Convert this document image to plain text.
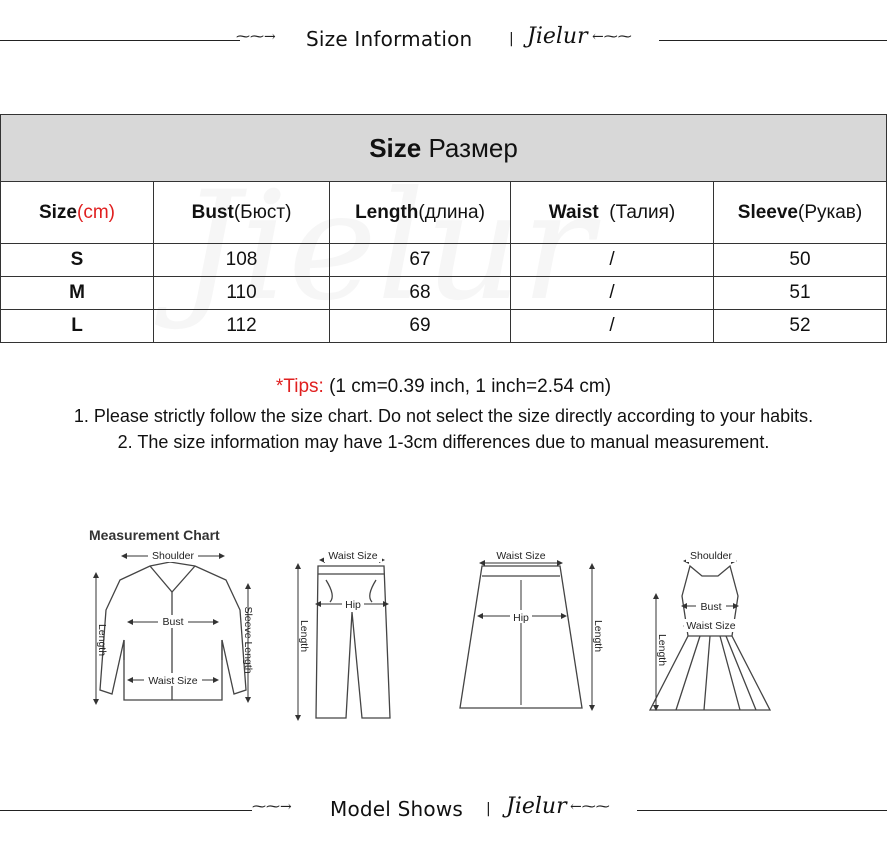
⁓⁓→ Size Information	| Jielur ←⁓⁓
Size Размер				
Size(cm)	Bust(Бюст)	Length(длина)	Waist  (Талия)	Sleeve(Рукав)
S	108	67	/	50
M	110	68	/	51
L	112	69	/	52
*Tips: (1 cm=0.39 inch, 1 inch=2.54 cm)
1. Please strictly follow the size chart. Do not select the size directly according to your habits.
2. The size information may have 1-3cm differences due to manual measurement.
Measurement Chart
Shoulder
Bust
Waist Size
Length	Sleeve Length
Waist Size
Hip
Length
Waist Size
Hip
Length
Shoulder
Bust
Waist Size
Length
⁓⁓→ Model Shows | Jielur ←⁓⁓
